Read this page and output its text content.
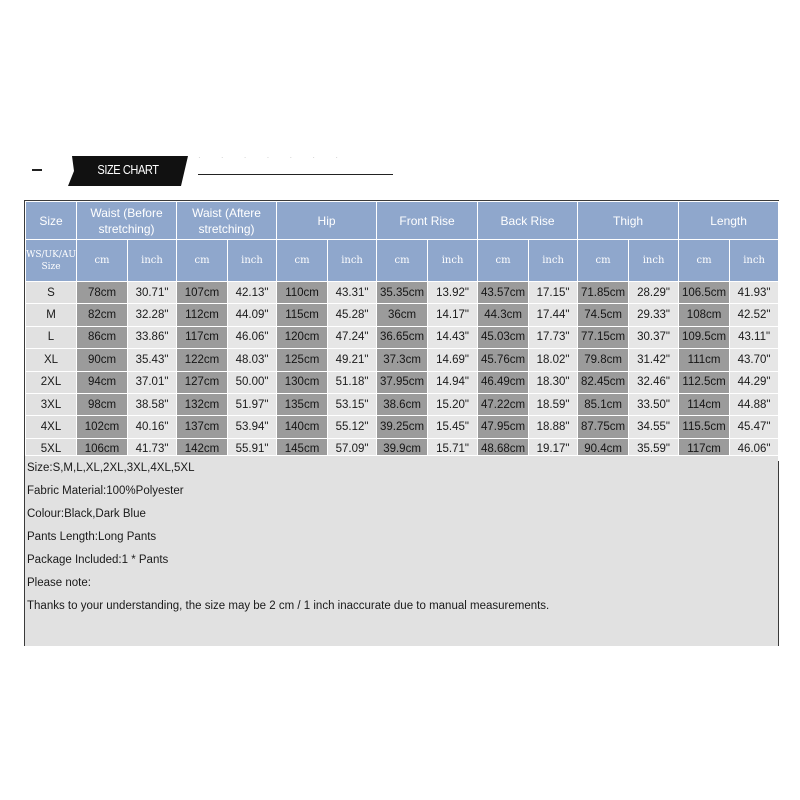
SIZE CHART
· · · · · · ·
Size	Waist (Before stretching)		Waist (Aftere stretching)		Hip		Front Rise		Back Rise		Thigh		Length	
WS/UK/AU Size	cm	inch	cm	inch	cm	inch	cm	inch	cm	inch	cm	inch	cm	inch
S	78cm	30.71"	107cm	42.13"	110cm	43.31"	35.35cm	13.92"	43.57cm	17.15"	71.85cm	28.29"	106.5cm	41.93"
M	82cm	32.28"	112cm	44.09"	115cm	45.28"	36cm	14.17"	44.3cm	17.44"	74.5cm	29.33"	108cm	42.52"
L	86cm	33.86"	117cm	46.06"	120cm	47.24"	36.65cm	14.43"	45.03cm	17.73"	77.15cm	30.37"	109.5cm	43.11"
XL	90cm	35.43"	122cm	48.03"	125cm	49.21"	37.3cm	14.69"	45.76cm	18.02"	79.8cm	31.42"	111cm	43.70"
2XL	94cm	37.01"	127cm	50.00"	130cm	51.18"	37.95cm	14.94"	46.49cm	18.30"	82.45cm	32.46"	112.5cm	44.29"
3XL	98cm	38.58"	132cm	51.97"	135cm	53.15"	38.6cm	15.20"	47.22cm	18.59"	85.1cm	33.50"	114cm	44.88"
4XL	102cm	40.16"	137cm	53.94"	140cm	55.12"	39.25cm	15.45"	47.95cm	18.88"	87.75cm	34.55"	115.5cm	45.47"
5XL	106cm	41.73"	142cm	55.91"	145cm	57.09"	39.9cm	15.71"	48.68cm	19.17"	90.4cm	35.59"	117cm	46.06"
Size:S,M,L,XL,2XL,3XL,4XL,5XL
Fabric Material:100%Polyester
Colour:Black,Dark Blue
Pants Length:Long Pants
Package Included:1 * Pants
Please note:
Thanks to your understanding, the size may be 2 cm / 1 inch inaccurate due to manual measurements.
